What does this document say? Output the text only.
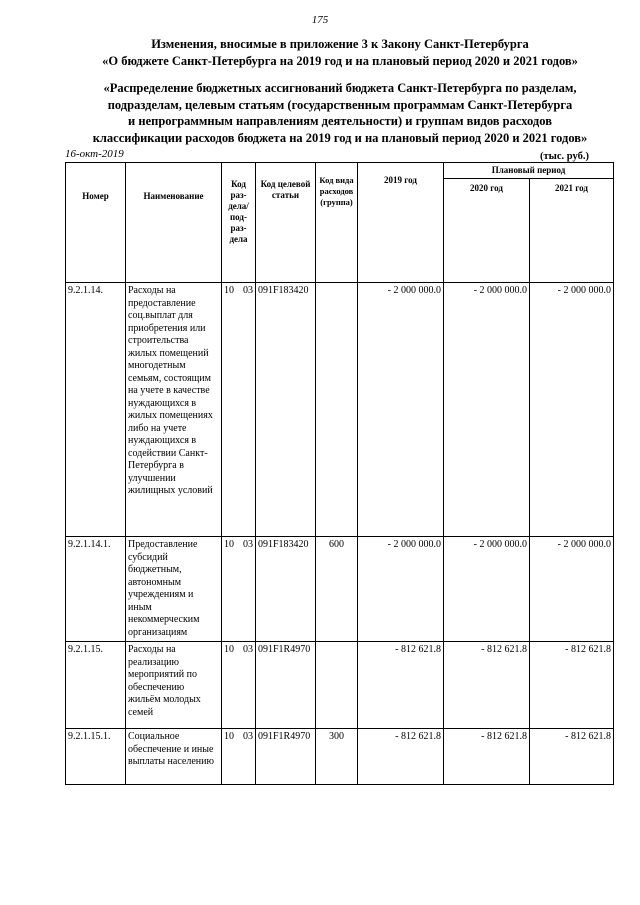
175
Изменения, вносимые в приложение 3 к Закону Санкт-Петербурга
«О бюджете Санкт-Петербурга на 2019 год и на плановый период 2020 и 2021 годов»
«Распределение бюджетных ассигнований бюджета Санкт-Петербурга по разделам,
подразделам, целевым статьям (государственным программам Санкт-Петербурга
и непрограммным направлениям деятельности) и группам видов расходов
классификации расходов бюджета на 2019 год и на плановый период 2020 и 2021 годов»
16-окт-2019	(тыс. руб.)
Номер	Наименование	Код раз-дела/ под-раз-дела	Код целевой статьи	Код вида расходов (группа)	2019 год	Плановый период	
						2020 год	2021 год
9.2.1.14.	Расходы на предоставление соц.выплат для приобретения или строительства жилых помещений многодетным семьям, состоящим на учете в качестве нуждающихся в жилых помещениях либо на учете нуждающихся в содействии Санкт-Петербурга в улучшении жилищных условий	10 03	091F183420		- 2 000 000.0	- 2 000 000.0	- 2 000 000.0
9.2.1.14.1.	Предоставление субсидий бюджетным, автономным учреждениям и иным некоммерческим организациям	10 03	091F183420	600	- 2 000 000.0	- 2 000 000.0	- 2 000 000.0
9.2.1.15.	Расходы на реализацию мероприятий по обеспечению жильём молодых семей	10 03	091F1R4970		- 812 621.8	- 812 621.8	- 812 621.8
9.2.1.15.1.	Социальное обеспечение и иные выплаты населению	10 03	091F1R4970	300	- 812 621.8	- 812 621.8	- 812 621.8
